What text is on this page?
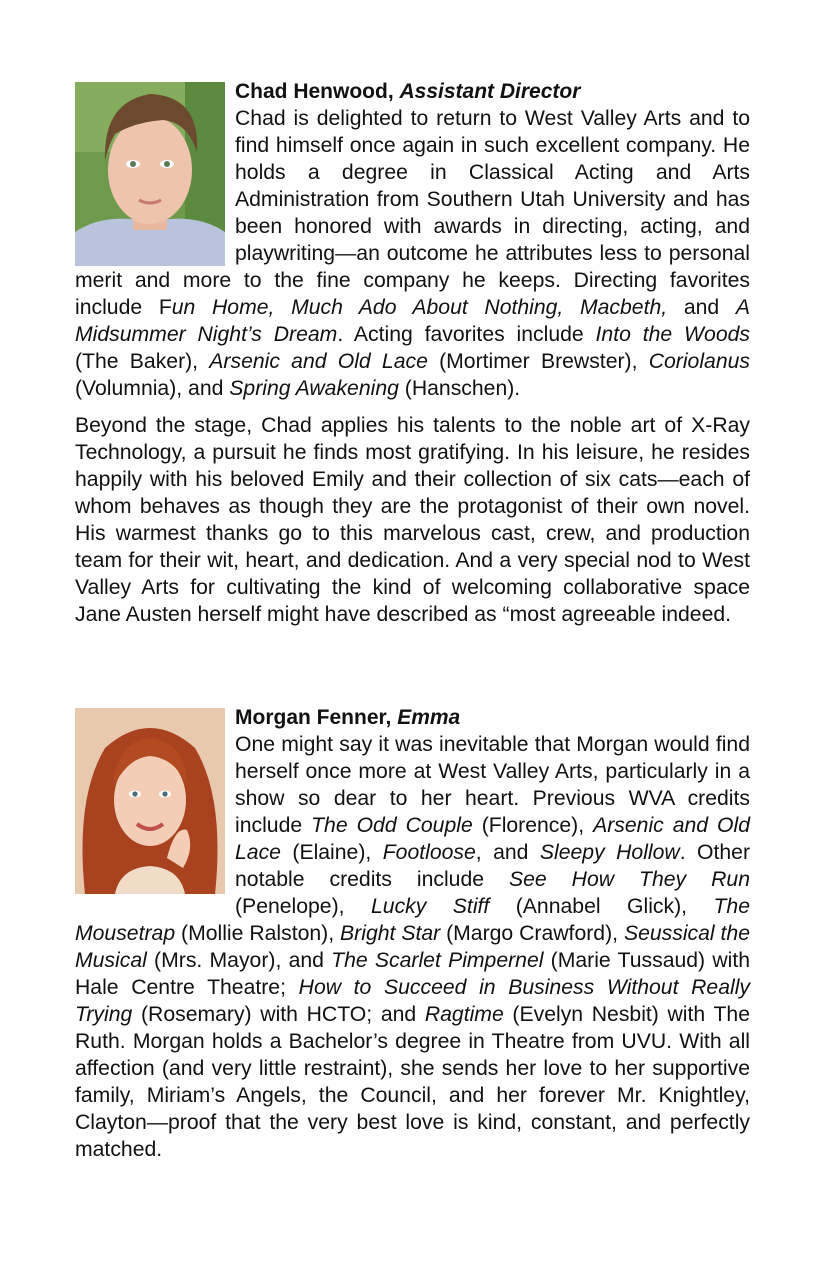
Chad Henwood, Assistant Director

Chad is delighted to return to West Valley Arts and to find himself once again in such excellent company. He holds a degree in Classical Acting and Arts Administration from Southern Utah University and has been honored with awards in directing, acting, and playwriting—an outcome he attributes less to personal merit and more to the fine company he keeps. Directing favorites include Fun Home, Much Ado About Nothing, Macbeth, and A Midsummer Night’s Dream. Acting favorites include Into the Woods (The Baker), Arsenic and Old Lace (Mortimer Brewster), Coriolanus (Volumnia), and Spring Awakening (Hanschen).

Beyond the stage, Chad applies his talents to the noble art of X-Ray Technology, a pursuit he finds most gratifying. In his leisure, he resides happily with his beloved Emily and their collection of six cats—each of whom behaves as though they are the protagonist of their own novel. His warmest thanks go to this marvelous cast, crew, and production team for their wit, heart, and dedication. And a very special nod to West Valley Arts for cultivating the kind of welcoming collaborative space Jane Austen herself might have described as “most agreeable indeed.

Morgan Fenner, Emma

One might say it was inevitable that Morgan would find herself once more at West Valley Arts, particularly in a show so dear to her heart. Previous WVA credits include The Odd Couple (Florence), Arsenic and Old Lace (Elaine), Footloose, and Sleepy Hollow. Other notable credits include See How They Run (Penelope), Lucky Stiff (Annabel Glick), The Mousetrap (Mollie Ralston), Bright Star (Margo Crawford), Seussical the Musical (Mrs. Mayor), and The Scarlet Pimpernel (Marie Tussaud) with Hale Centre Theatre; How to Succeed in Business Without Really Trying (Rosemary) with HCTO; and Ragtime (Evelyn Nesbit) with The Ruth. Morgan holds a Bachelor’s degree in Theatre from UVU. With all affection (and very little restraint), she sends her love to her supportive family, Miriam’s Angels, the Council, and her forever Mr. Knightley, Clayton—proof that the very best love is kind, constant, and perfectly matched.
